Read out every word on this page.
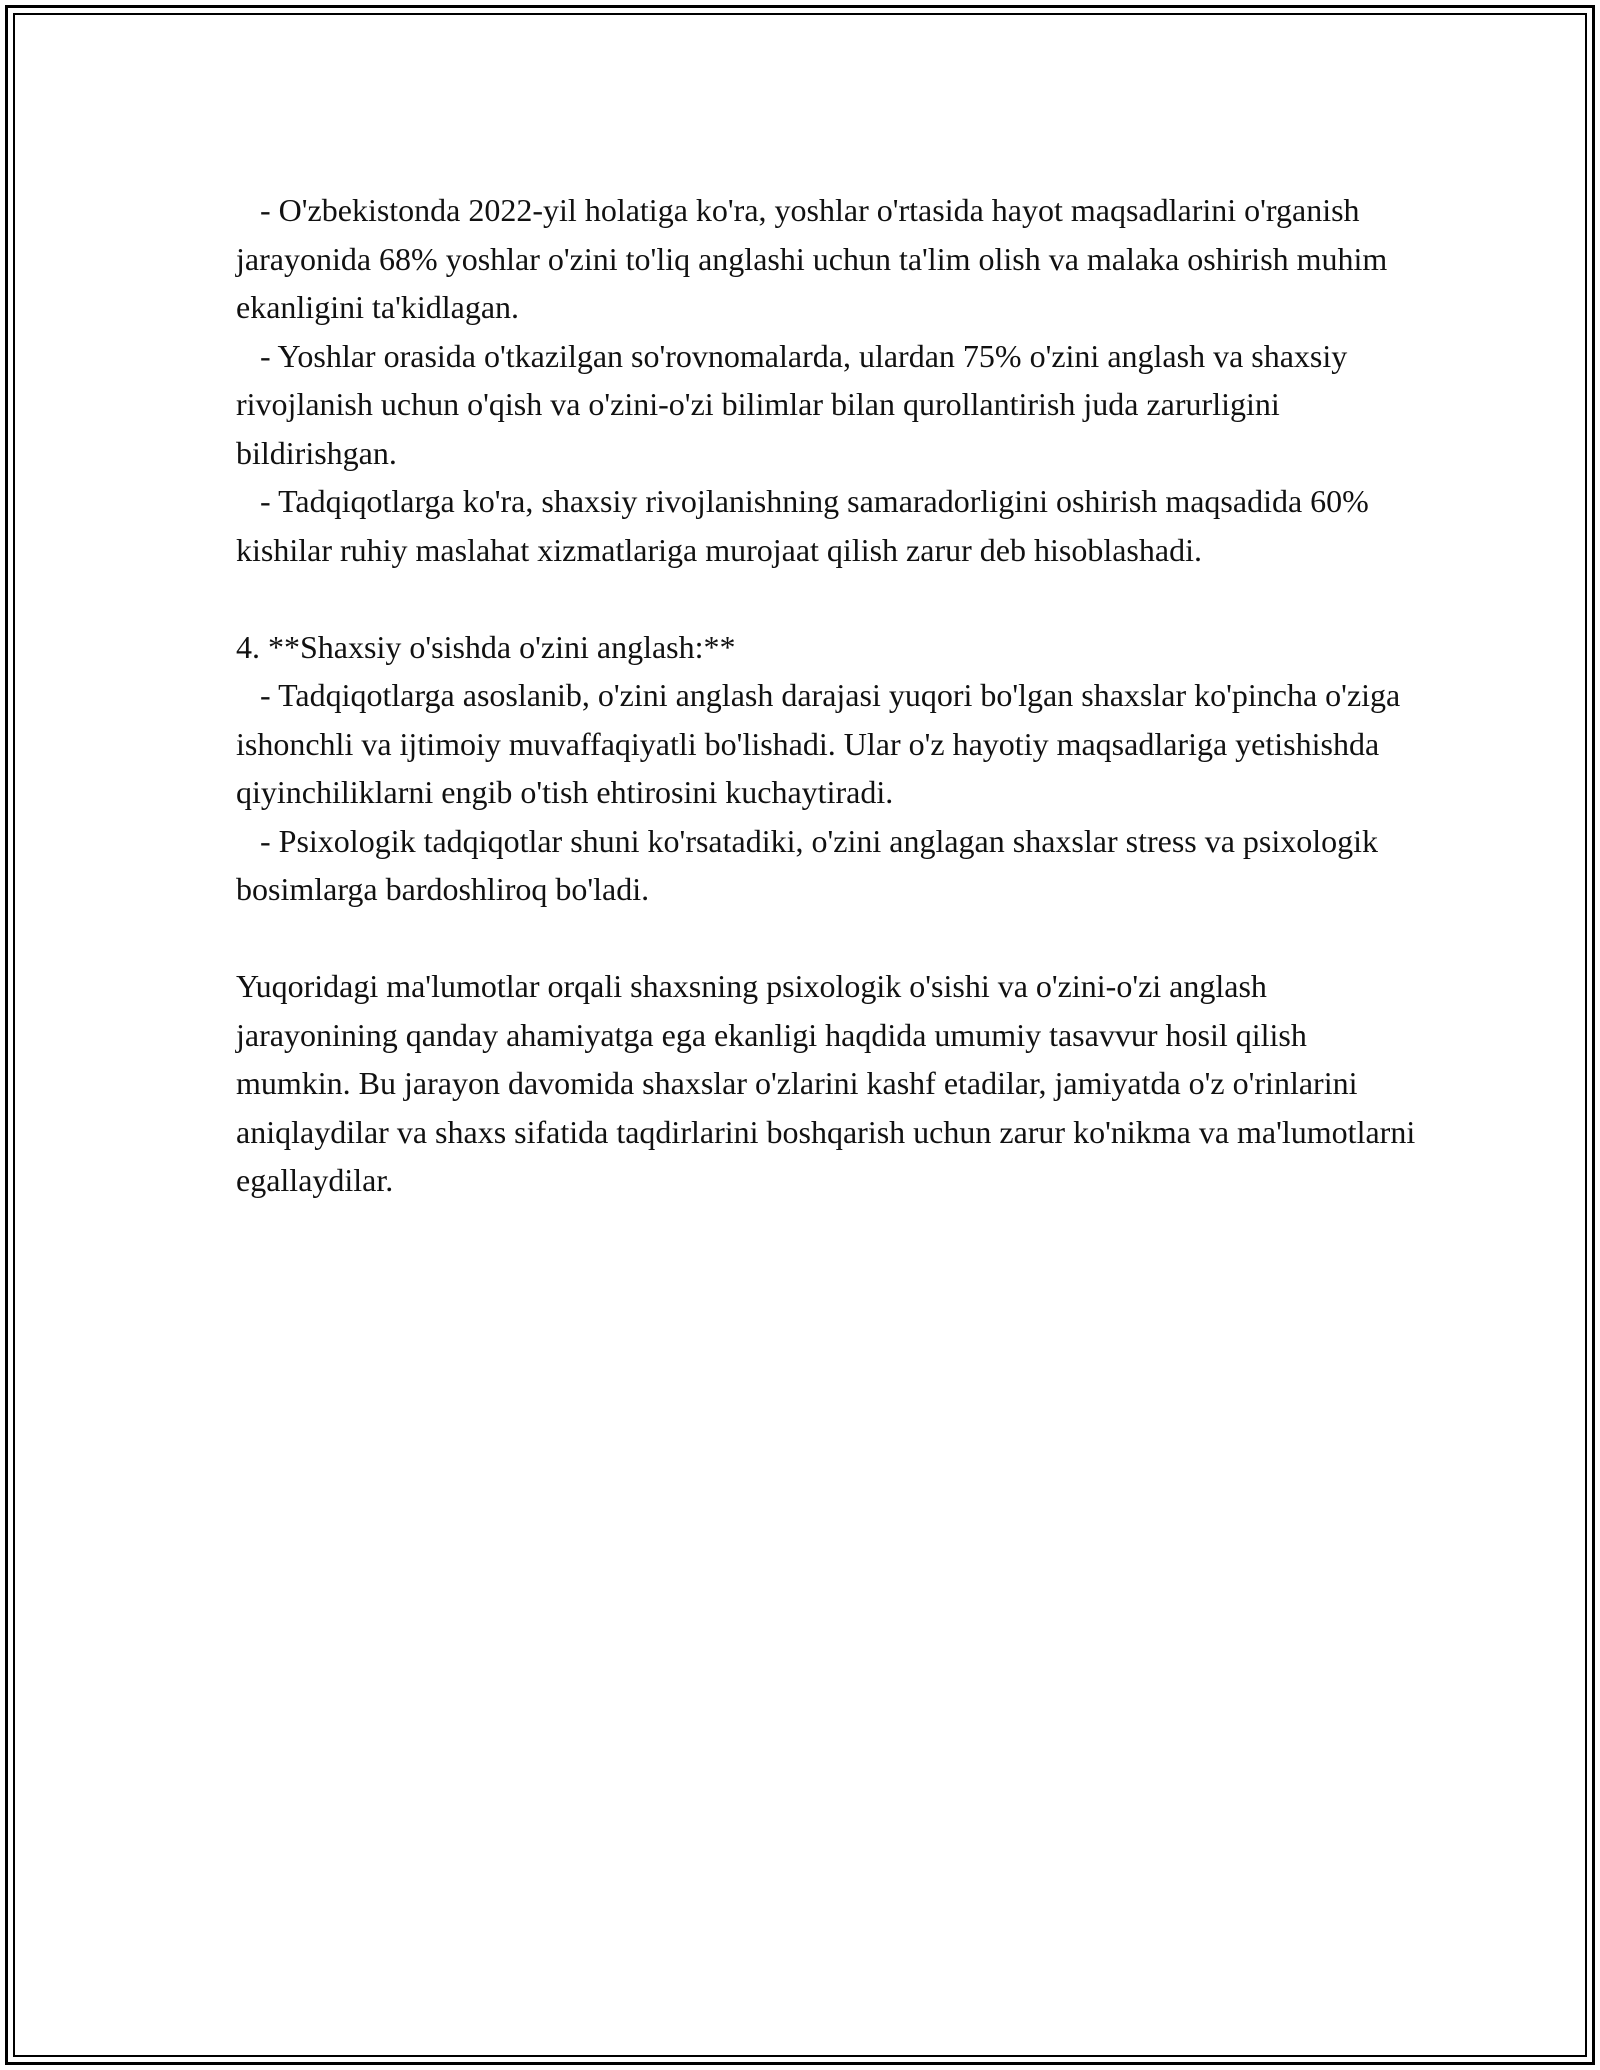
- O'zbekistonda 2022-yil holatiga ko'ra, yoshlar o'rtasida hayot maqsadlarini o'rganish jarayonida 68% yoshlar o'zini to'liq anglashi uchun ta'lim olish va malaka oshirish muhim ekanligini ta'kidlagan.

- Yoshlar orasida o'tkazilgan so'rovnomalarda, ulardan 75% o'zini anglash va shaxsiy rivojlanish uchun o'qish va o'zini-o'zi bilimlar bilan qurollantirish juda zarurligini bildirishgan.

- Tadqiqotlarga ko'ra, shaxsiy rivojlanishning samaradorligini oshirish maqsadida 60% kishilar ruhiy maslahat xizmatlariga murojaat qilish zarur deb hisoblashadi.

4. **Shaxsiy o'sishda o'zini anglash:**

- Tadqiqotlarga asoslanib, o'zini anglash darajasi yuqori bo'lgan shaxslar ko'pincha o'ziga ishonchli va ijtimoiy muvaffaqiyatli bo'lishadi. Ular o'z hayotiy maqsadlariga yetishishda qiyinchiliklarni engib o'tish ehtirosini kuchaytiradi.

- Psixologik tadqiqotlar shuni ko'rsatadiki, o'zini anglagan shaxslar stress va psixologik bosimlarga bardoshliroq bo'ladi.

Yuqoridagi ma'lumotlar orqali shaxsning psixologik o'sishi va o'zini-o'zi anglash jarayonining qanday ahamiyatga ega ekanligi haqdida umumiy tasavvur hosil qilish mumkin. Bu jarayon davomida shaxslar o'zlarini kashf etadilar, jamiyatda o'z o'rinlarini aniqlaydilar va shaxs sifatida taqdirlarini boshqarish uchun zarur ko'nikma va ma'lumotlarni egallaydilar.
